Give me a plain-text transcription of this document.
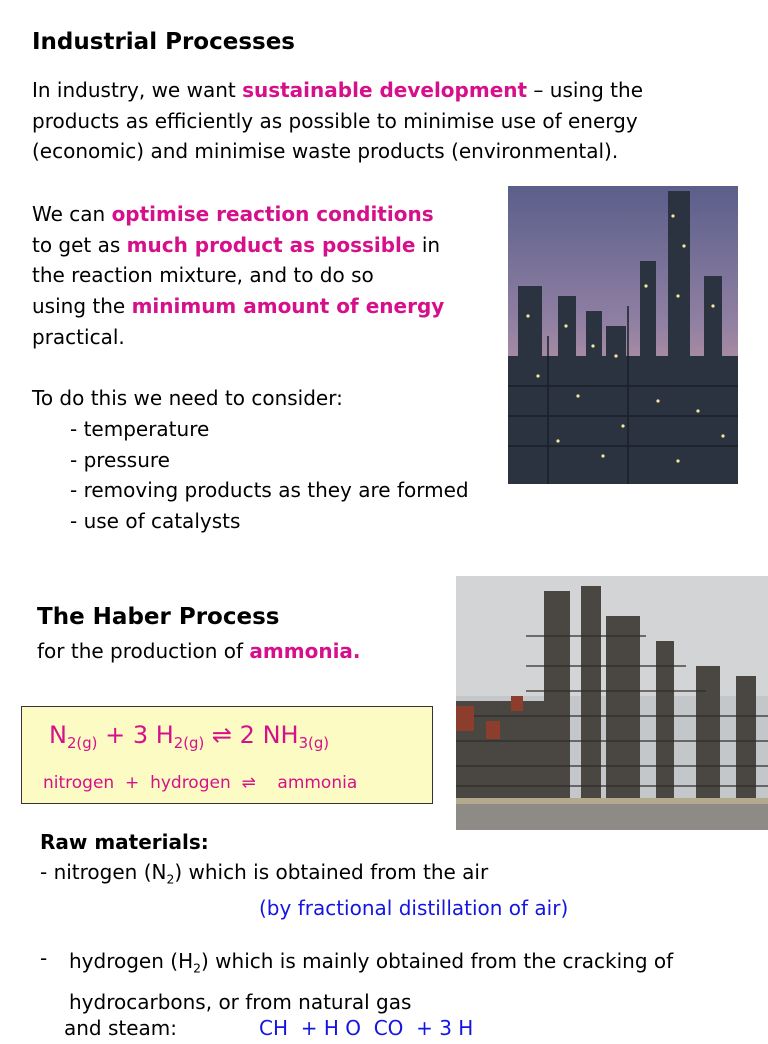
Industrial Processes
In industry, we want sustainable development – using the
products as efficiently as possible to minimise use of energy
(economic) and minimise waste products (environmental).
We can optimise reaction conditions
to get as much product as possible in
the reaction mixture, and to do so
using the minimum amount of energy
practical.
To do this we need to consider:
- temperature
- pressure
- removing products as they are formed
- use of catalysts
The Haber Process
for the production of ammonia.
$N_{2(g)} + 3$ $H_{2(g)}$ ⇌ 2 $NH_{3(g)}$
nitrogen  +  hydrogen  ⇌    ammonia
Raw materials:
- nitrogen $(N_2)$ which is obtained from the air
(by fractional distillation of air)
- hydrogen $(H_2)$ which is mainly obtained from the cracking of
hydrocarbons, or from natural gas
and steam:	CH  + H O  CO  + 3 H
